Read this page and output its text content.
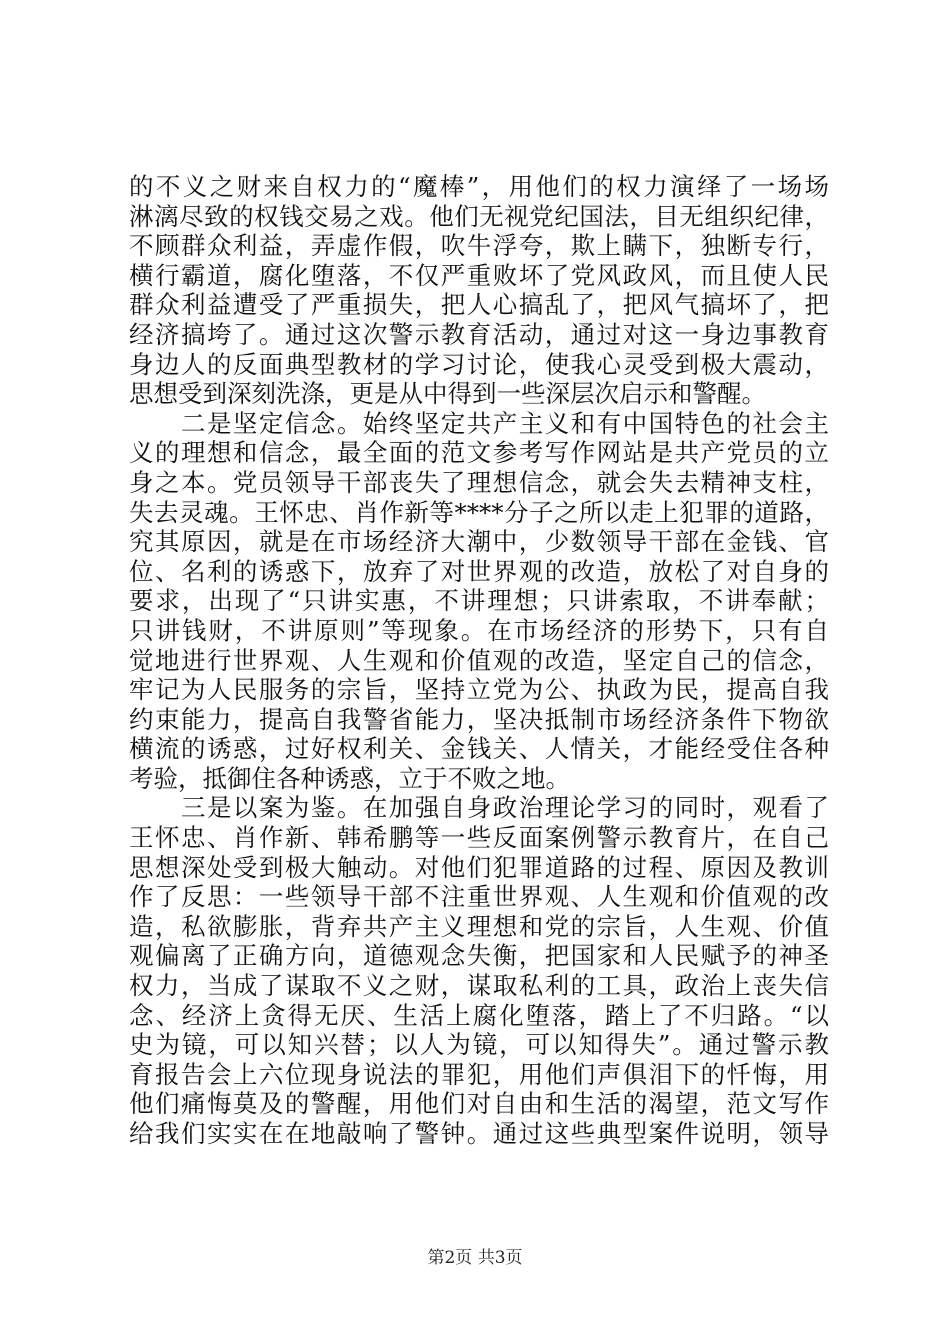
的不义之财来自权力的“魔棒”，用他们的权力演绎了一场场
淋漓尽致的权钱交易之戏。他们无视党纪国法，目无组织纪律，
不顾群众利益，弄虚作假，吹牛浮夸，欺上瞒下，独断专行，
横行霸道，腐化堕落，不仅严重败坏了党风政风，而且使人民
群众利益遭受了严重损失，把人心搞乱了，把风气搞坏了，把
经济搞垮了。通过这次警示教育活动，通过对这一身边事教育
身边人的反面典型教材的学习讨论，使我心灵受到极大震动，
思想受到深刻洗涤，更是从中得到一些深层次启示和警醒。
　　二是坚定信念。始终坚定共产主义和有中国特色的社会主
义的理想和信念，最全面的范文参考写作网站是共产党员的立
身之本。党员领导干部丧失了理想信念，就会失去精神支柱，
失去灵魂。王怀忠、肖作新等****分子之所以走上犯罪的道路，
究其原因，就是在市场经济大潮中，少数领导干部在金钱、官
位、名利的诱惑下，放弃了对世界观的改造，放松了对自身的
要求，出现了“只讲实惠，不讲理想；只讲索取，不讲奉献；
只讲钱财，不讲原则”等现象。在市场经济的形势下，只有自
觉地进行世界观、人生观和价值观的改造，坚定自己的信念，
牢记为人民服务的宗旨，坚持立党为公、执政为民，提高自我
约束能力，提高自我警省能力，坚决抵制市场经济条件下物欲
横流的诱惑，过好权利关、金钱关、人情关，才能经受住各种
考验，抵御住各种诱惑，立于不败之地。
　　三是以案为鉴。在加强自身政治理论学习的同时，观看了
王怀忠、肖作新、韩希鹏等一些反面案例警示教育片，在自己
思想深处受到极大触动。对他们犯罪道路的过程、原因及教训
作了反思：一些领导干部不注重世界观、人生观和价值观的改
造，私欲膨胀，背弃共产主义理想和党的宗旨，人生观、价值
观偏离了正确方向，道德观念失衡，把国家和人民赋予的神圣
权力，当成了谋取不义之财，谋取私利的工具，政治上丧失信
念、经济上贪得无厌、生活上腐化堕落，踏上了不归路。“以
史为镜，可以知兴替；以人为镜，可以知得失”。通过警示教
育报告会上六位现身说法的罪犯，用他们声俱泪下的忏悔，用
他们痛悔莫及的警醒，用他们对自由和生活的渴望，范文写作
给我们实实在在地敲响了警钟。通过这些典型案件说明，领导
第2页 共3页
